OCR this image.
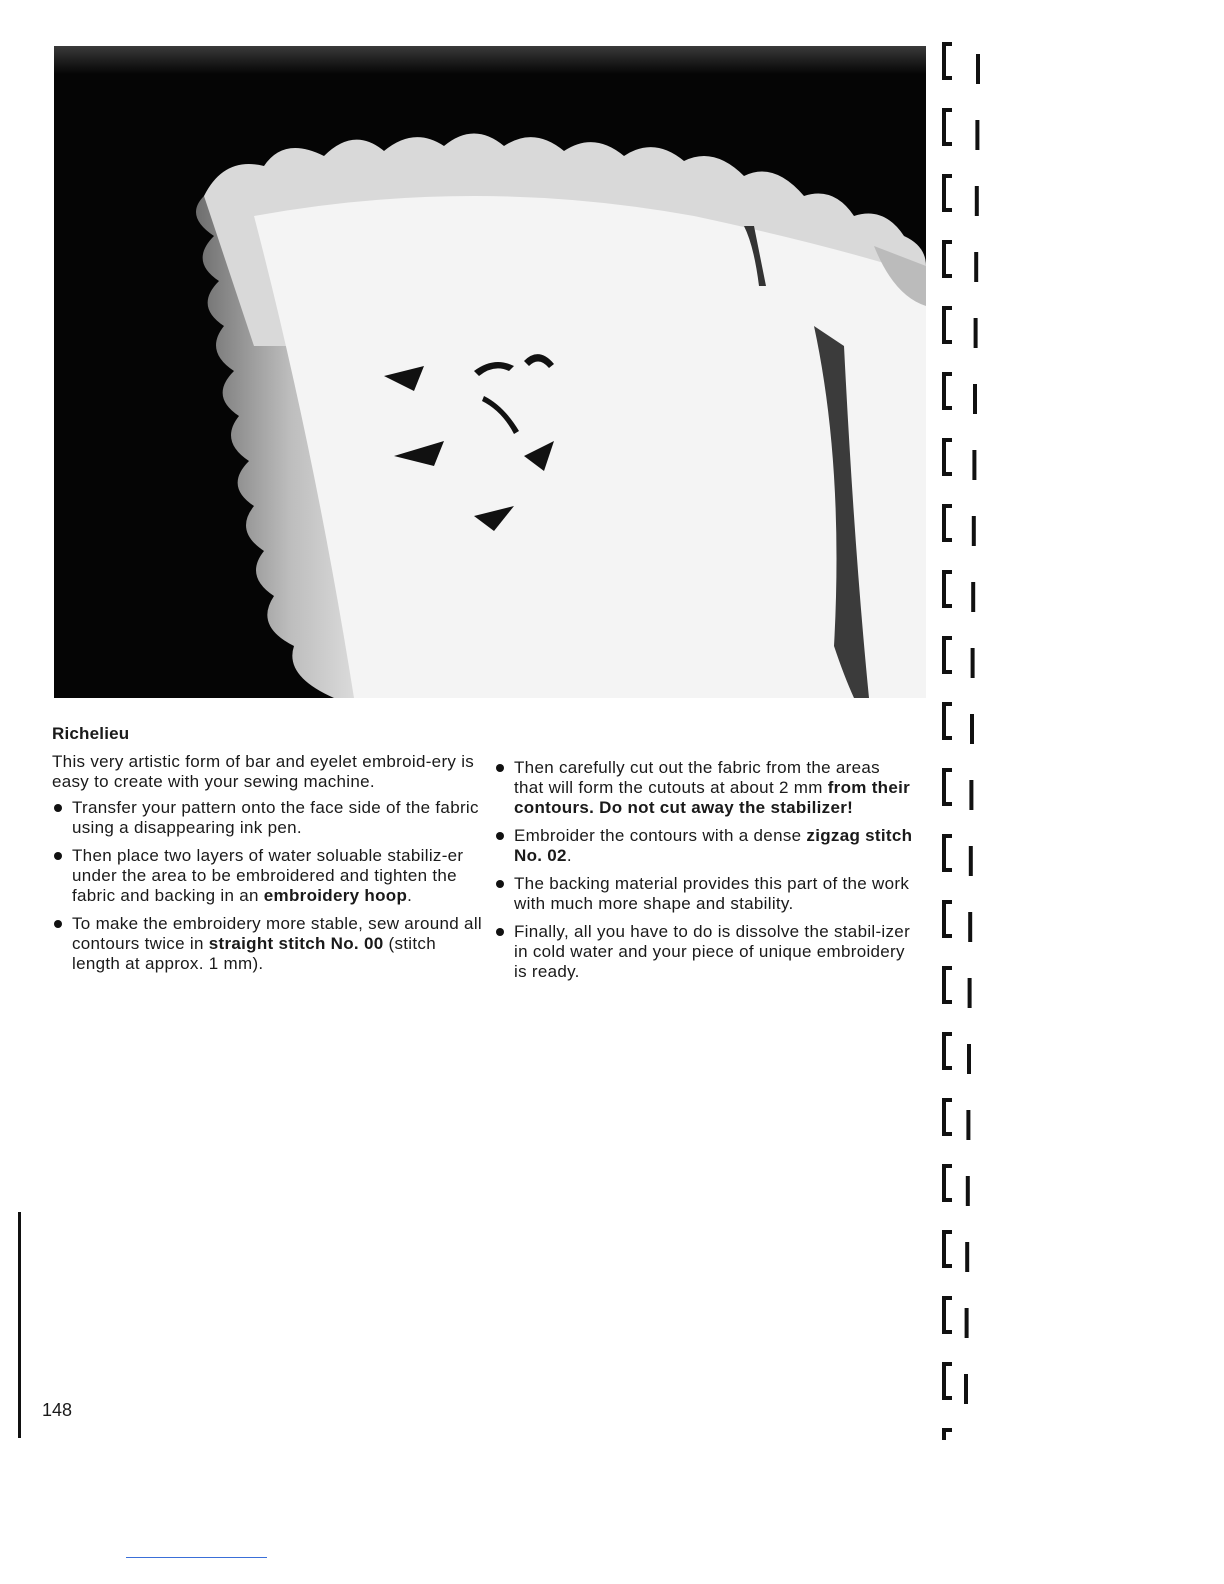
Richelieu

This very artistic form of bar and eyelet embroid-ery is easy to create with your sewing machine.

Transfer your pattern onto the face side of the fabric using a disappearing ink pen.
Then place two layers of water soluable stabiliz-er under the area to be embroidered and tighten the fabric and backing in an embroidery hoop.
To make the embroidery more stable, sew around all contours twice in straight stitch No. 00 (stitch length at approx. 1 mm).
Then carefully cut out the fabric from the areas that will form the cutouts at about 2 mm from their contours. Do not cut away the stabilizer!
Embroider the contours with a dense zigzag stitch No. 02.
The backing material provides this part of the work with much more shape and stability.
Finally, all you have to do is dissolve the stabil-izer in cold water and your piece of unique embroidery is ready.
148
